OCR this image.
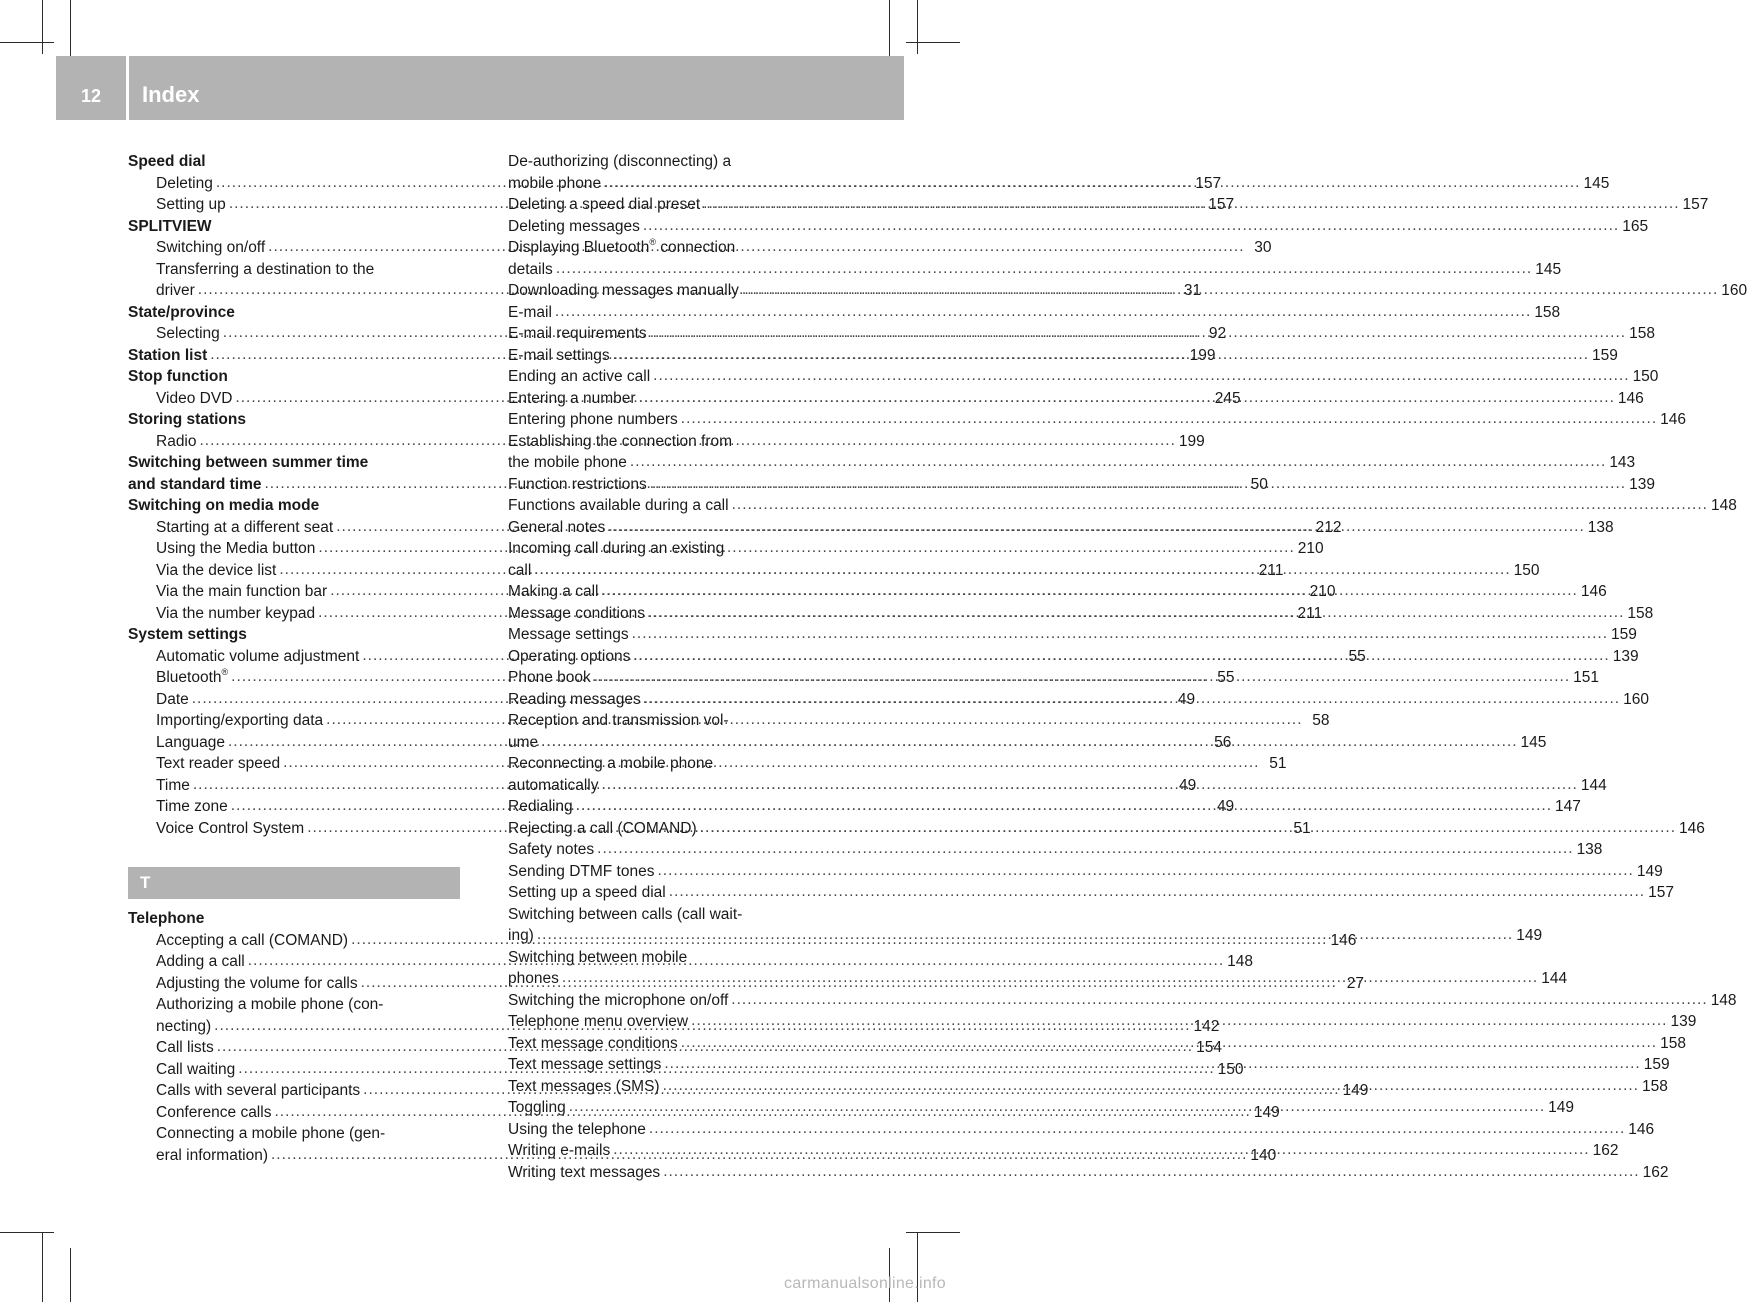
12	Index
Speed dial
Deleting .....	157
Setting up .....	157
SPLITVIEW
Switching on/off .....	30
Transferring a destination to the
driver .....	31
State/province
Selecting .....	92
Station list .....	199
Stop function
Video DVD .....	245
Storing stations
Radio .....	199
Switching between summer time
and standard time .....	50
Switching on media mode
Starting at a different seat .....	212
Using the Media button .....	210
Via the device list .....	211
Via the main function bar .....	210
Via the number keypad .....	211
System settings
Automatic volume adjustment .....	55
Bluetooth® .....	55
Date .....	49
Importing/exporting data .....	58
Language .....	56
Text reader speed .....	51
Time .....	49
Time zone .....	49
Voice Control System .....	51
T
Telephone
Accepting a call (COMAND) .....	146
Adding a call .....	148
Adjusting the volume for calls .....	27
Authorizing a mobile phone (con-
necting) .....	142
Call lists .....	154
Call waiting .....	150
Calls with several participants .....	149
Conference calls .....	149
Connecting a mobile phone (gen-
eral information) .....	140
De-authorizing (disconnecting) a
mobile phone .....	145
Deleting a speed dial preset .....	157
Deleting messages .....	165
Displaying Bluetooth® connection
details .....	145
Downloading messages manually .....	160
E-mail .....	158
E-mail requirements .....	158
E-mail settings .....	159
Ending an active call .....	150
Entering a number .....	146
Entering phone numbers .....	146
Establishing the connection from
the mobile phone .....	143
Function restrictions .....	139
Functions available during a call .....	148
General notes .....	138
Incoming call during an existing
call .....	150
Making a call .....	146
Message conditions .....	158
Message settings .....	159
Operating options .....	139
Phone book .....	151
Reading messages .....	160
Reception and transmission vol-
ume .....	145
Reconnecting a mobile phone
automatically .....	144
Redialing .....	147
Rejecting a call (COMAND) .....	146
Safety notes .....	138
Sending DTMF tones .....	149
Setting up a speed dial .....	157
Switching between calls (call wait-
ing) .....	149
Switching between mobile
phones .....	144
Switching the microphone on/off .....	148
Telephone menu overview .....	139
Text message conditions .....	158
Text message settings .....	159
Text messages (SMS) .....	158
Toggling .....	149
Using the telephone .....	146
Writing e-mails .....	162
Writing text messages .....	162
carmanualsonline.info
